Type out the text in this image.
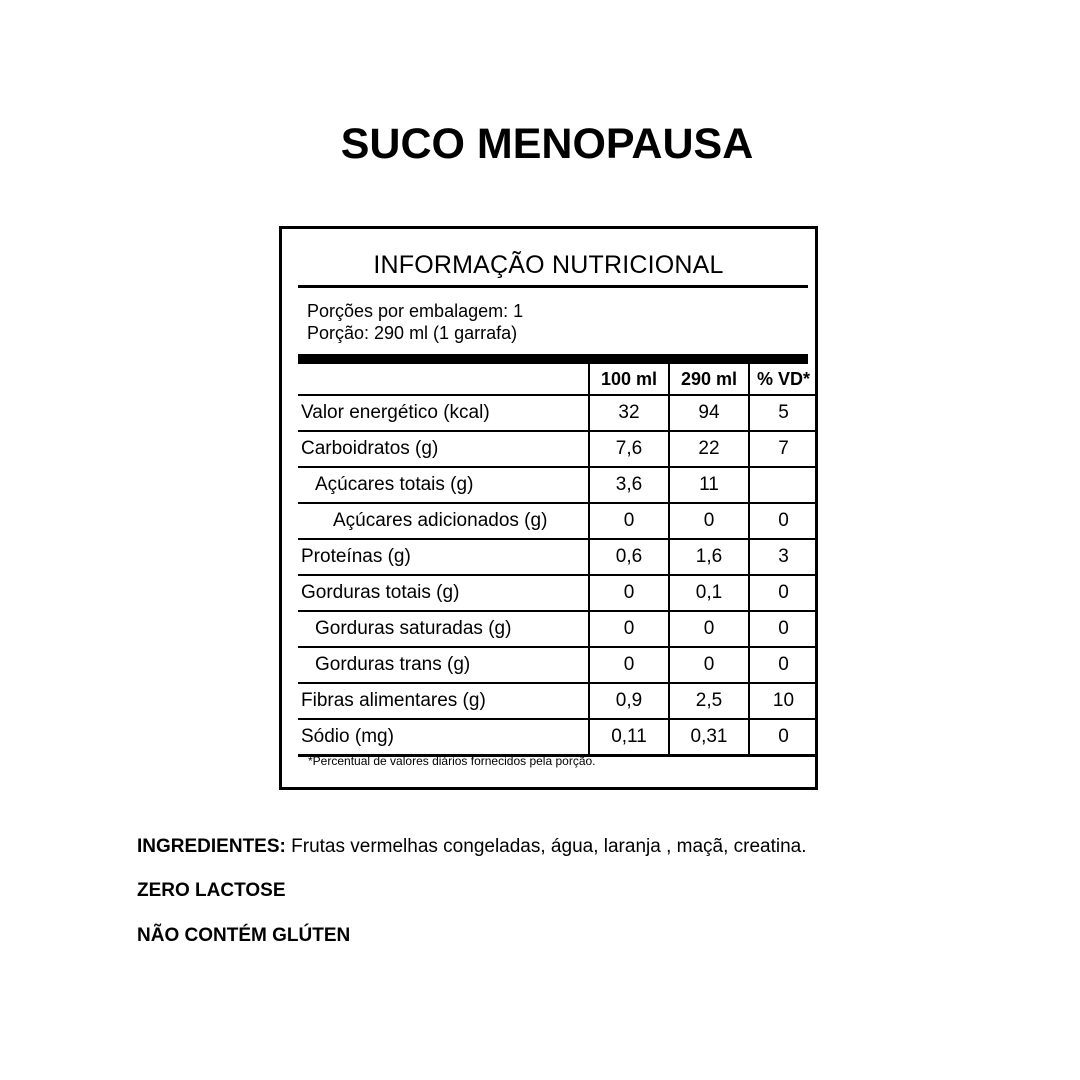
SUCO MENOPAUSA
INFORMAÇÃO NUTRICIONAL
Porções por embalagem: 1
Porção: 290 ml (1 garrafa)
	100 ml	290 ml	% VD*
Valor energético (kcal)	32	94	5
Carboidratos (g)	7,6	22	7
Açúcares totais (g)	3,6	11	
Açúcares adicionados (g)	0	0	0
Proteínas (g)	0,6	1,6	3
Gorduras totais (g)	0	0,1	0
Gorduras saturadas (g)	0	0	0
Gorduras trans (g)	0	0	0
Fibras alimentares (g)	0,9	2,5	10
Sódio (mg)	0,11	0,31	0
*Percentual de valores diários fornecidos pela porção.
INGREDIENTES: Frutas vermelhas congeladas, água, laranja , maçã, creatina.
ZERO LACTOSE
NÃO CONTÉM GLÚTEN
